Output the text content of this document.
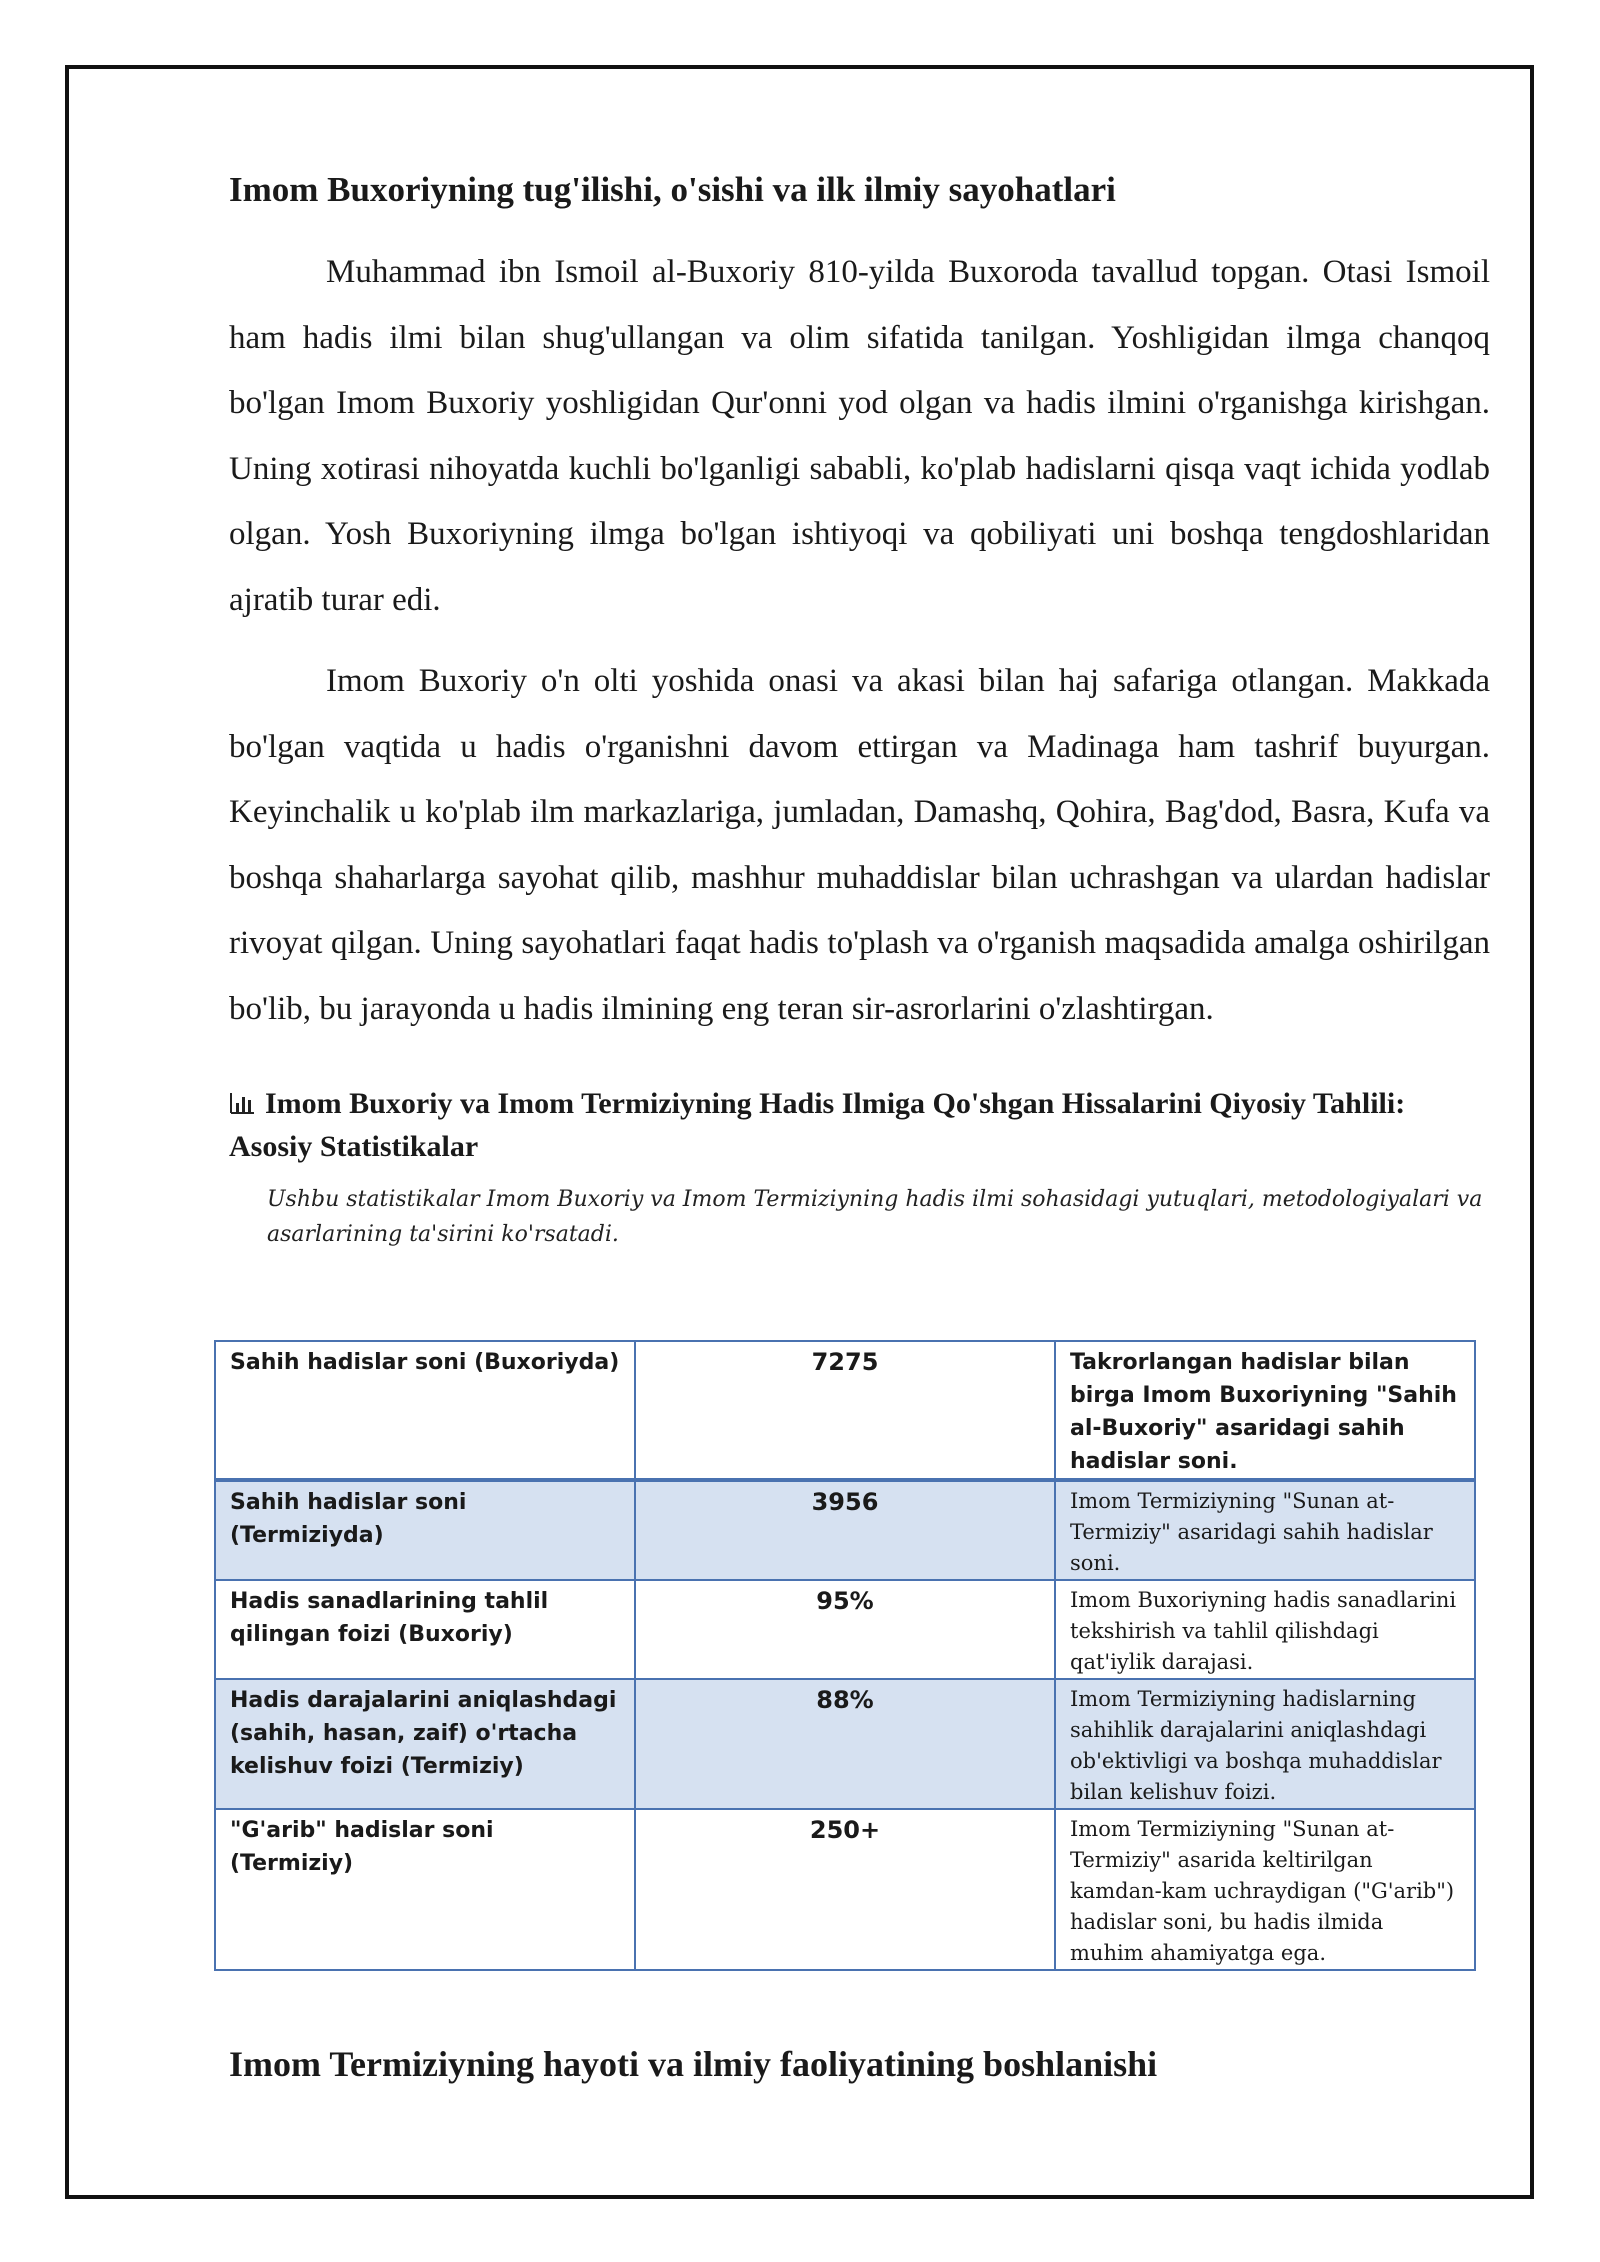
Imom Buxoriyning tug'ilishi, o'sishi va ilk ilmiy sayohatlari

Muhammad ibn Ismoil al-Buxoriy 810-yilda Buxoroda tavallud topgan. Otasi Ismoil ham hadis ilmi bilan shug'ullangan va olim sifatida tanilgan. Yoshligidan ilmga chanqoq bo'lgan Imom Buxoriy yoshligidan Qur'onni yod olgan va hadis ilmini o'rganishga kirishgan. Uning xotirasi nihoyatda kuchli bo'lganligi sababli, ko'plab hadislarni qisqa vaqt ichida yodlab olgan. Yosh Buxoriyning ilmga bo'lgan ishtiyoqi va qobiliyati uni boshqa tengdoshlaridan ajratib turar edi.

Imom Buxoriy o'n olti yoshida onasi va akasi bilan haj safariga otlangan. Makkada bo'lgan vaqtida u hadis o'rganishni davom ettirgan va Madinaga ham tashrif buyurgan. Keyinchalik u ko'plab ilm markazlariga, jumladan, Damashq, Qohira, Bag'dod, Basra, Kufa va boshqa shaharlarga sayohat qilib, mashhur muhaddislar bilan uchrashgan va ulardan hadislar rivoyat qilgan. Uning sayohatlari faqat hadis to'plash va o'rganish maqsadida amalga oshirilgan bo'lib, bu jarayonda u hadis ilmining eng teran sir-asrorlarini o'zlashtirgan.

Imom Buxoriy va Imom Termiziyning Hadis Ilmiga Qo'shgan Hissalarini Qiyosiy Tahlili: Asosiy Statistikalar

Ushbu statistikalar Imom Buxoriy va Imom Termiziyning hadis ilmi sohasidagi yutuqlari, metodologiyalari va asarlarining ta'sirini ko'rsatadi.

Sahih hadislar soni (Buxoriyda)	7275	Takrorlangan hadislar bilan birga Imom Buxoriyning "Sahih al-Buxoriy" asaridagi sahih hadislar soni.
Sahih hadislar soni (Termiziyda)	3956	Imom Termiziyning "Sunan at-Termiziy" asaridagi sahih hadislar soni.
Hadis sanadlarining tahlil qilingan foizi (Buxoriy)	95%	Imom Buxoriyning hadis sanadlarini tekshirish va tahlil qilishdagi qat'iylik darajasi.
Hadis darajalarini aniqlashdagi (sahih, hasan, zaif) o'rtacha kelishuv foizi (Termiziy)	88%	Imom Termiziyning hadislarning sahihlik darajalarini aniqlashdagi ob'ektivligi va boshqa muhaddislar bilan kelishuv foizi.
"G'arib" hadislar soni (Termiziy)	250+	Imom Termiziyning "Sunan at-Termiziy" asarida keltirilgan kamdan-kam uchraydigan ("G'arib") hadislar soni, bu hadis ilmida muhim ahamiyatga ega.
Imom Termiziyning hayoti va ilmiy faoliyatining boshlanishi
